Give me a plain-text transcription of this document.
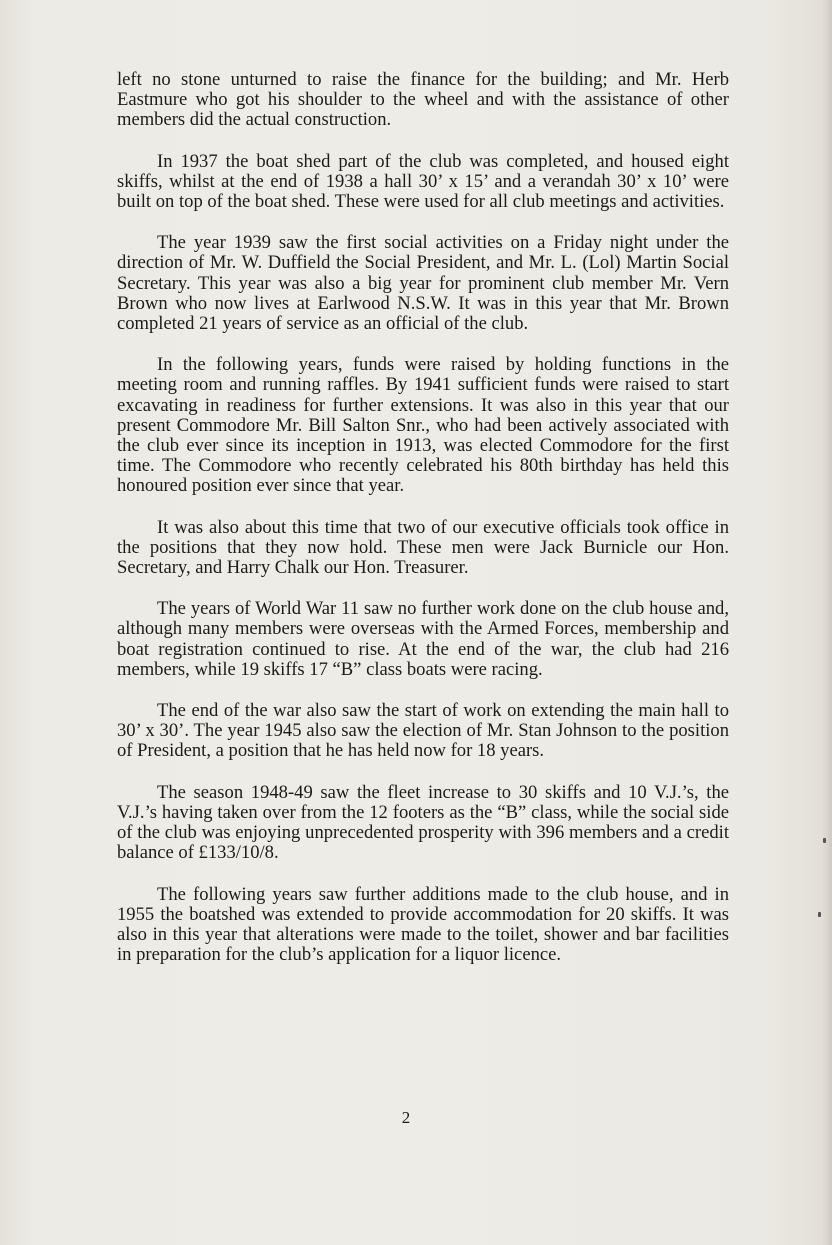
left no stone unturned to raise the finance for the building; and Mr. Herb Eastmure who got his shoulder to the wheel and with the assistance of other members did the actual construction.

In 1937 the boat shed part of the club was completed, and housed eight skiffs, whilst at the end of 1938 a hall 30’ x 15’ and a verandah 30’ x 10’ were built on top of the boat shed. These were used for all club meetings and activities.

The year 1939 saw the first social activities on a Friday night under the direction of Mr. W. Duffield the Social President, and Mr. L. (Lol) Martin Social Secretary. This year was also a big year for prominent club member Mr. Vern Brown who now lives at Earlwood N.S.W. It was in this year that Mr. Brown completed 21 years of service as an official of the club.

In the following years, funds were raised by holding functions in the meeting room and running raffles. By 1941 sufficient funds were raised to start excavating in readiness for further extensions. It was also in this year that our present Commodore Mr. Bill Salton Snr., who had been actively associated with the club ever since its inception in 1913, was elected Commodore for the first time. The Commodore who recently celebrated his 80th birthday has held this honoured position ever since that year.

It was also about this time that two of our executive officials took office in the positions that they now hold. These men were Jack Burnicle our Hon. Secretary, and Harry Chalk our Hon. Treasurer.

The years of World War 11 saw no further work done on the club house and, although many members were overseas with the Armed Forces, membership and boat registration continued to rise. At the end of the war, the club had 216 members, while 19 skiffs 17 “B” class boats were racing.

The end of the war also saw the start of work on extending the main hall to 30’ x 30’. The year 1945 also saw the election of Mr. Stan Johnson to the position of President, a position that he has held now for 18 years.

The season 1948-49 saw the fleet increase to 30 skiffs and 10 V.J.’s, the V.J.’s having taken over from the 12 footers as the “B” class, while the social side of the club was enjoying unprecedented prosperity with 396 members and a credit balance of £133/10/8.

The following years saw further additions made to the club house, and in 1955 the boatshed was extended to provide accommodation for 20 skiffs. It was also in this year that alterations were made to the toilet, shower and bar facilities in preparation for the club’s application for a liquor licence.

2
